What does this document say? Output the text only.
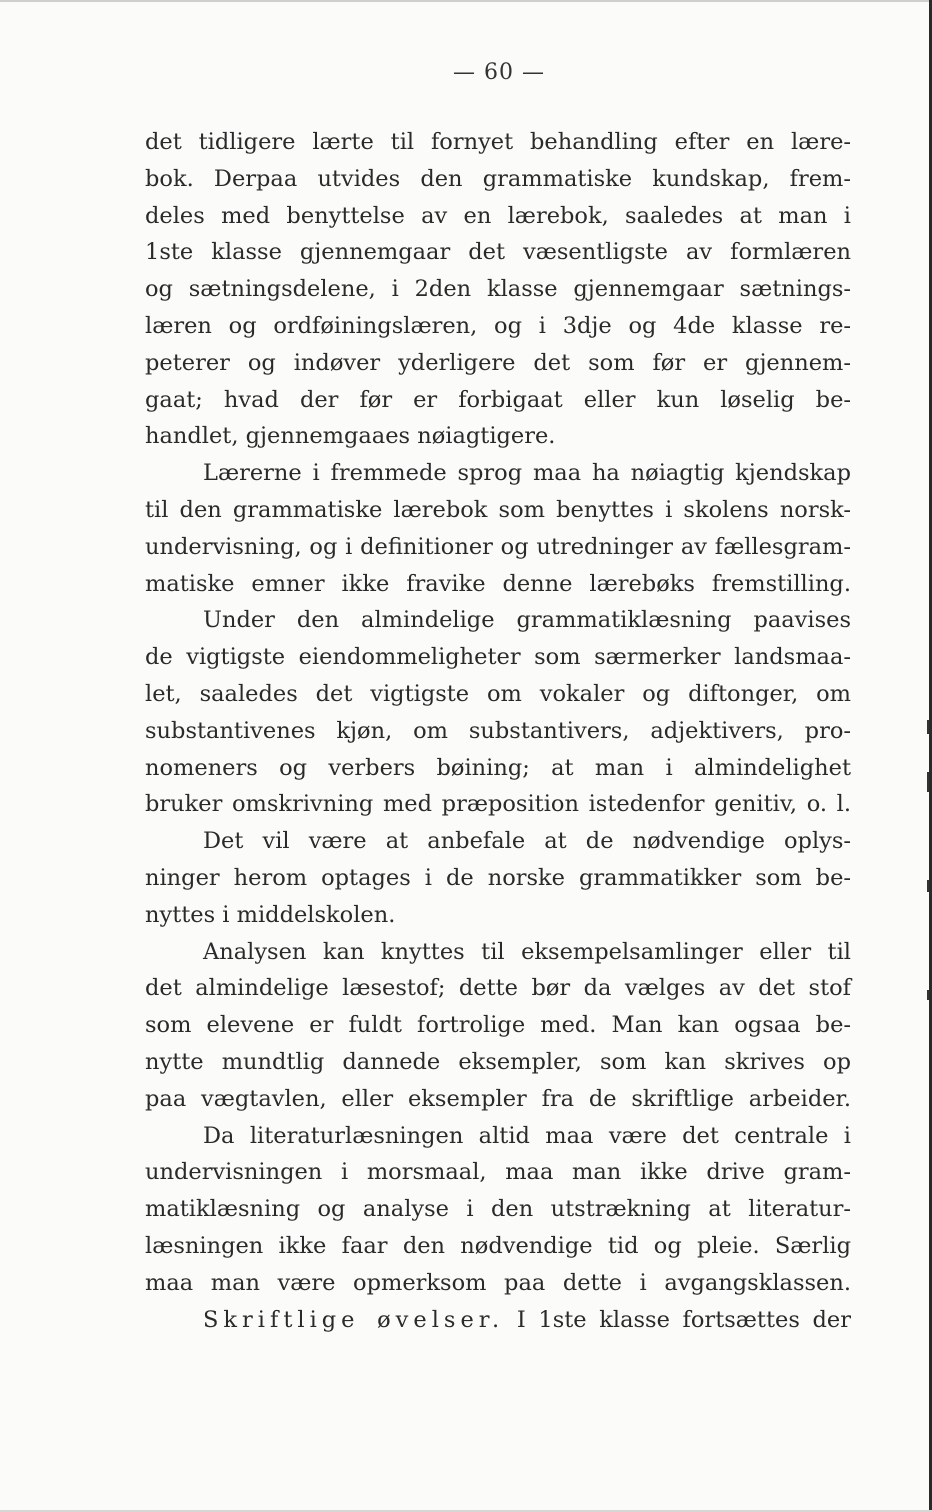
— 60 —
det tidligere lærte til fornyet behandling efter en lære-
bok. Derpaa utvides den grammatiske kundskap, frem-
deles med benyttelse av en lærebok, saaledes at man i
1ste klasse gjennemgaar det væsentligste av formlæren
og sætningsdelene, i 2den klasse gjennemgaar sætnings-
læren og ordføiningslæren, og i 3dje og 4de klasse re-
peterer og indøver yderligere det som før er gjennem-
gaat; hvad der før er forbigaat eller kun løselig be-
handlet, gjennemgaaes nøiagtigere.
Lærerne i fremmede sprog maa ha nøiagtig kjendskap
til den grammatiske lærebok som benyttes i skolens norsk-
undervisning, og i definitioner og utredninger av fællesgram-
matiske emner ikke fravike denne lærebøks fremstilling.
Under den almindelige grammatiklæsning paavises
de vigtigste eiendommeligheter som særmerker landsmaa-
let, saaledes det vigtigste om vokaler og diftonger, om
substantivenes kjøn, om substantivers, adjektivers, pro-
nomeners og verbers bøining; at man i almindelighet
bruker omskrivning med præposition istedenfor genitiv, o. l.
Det vil være at anbefale at de nødvendige oplys-
ninger herom optages i de norske grammatikker som be-
nyttes i middelskolen.
Analysen kan knyttes til eksempelsamlinger eller til
det almindelige læsestof; dette bør da vælges av det stof
som elevene er fuldt fortrolige med. Man kan ogsaa be-
nytte mundtlig dannede eksempler, som kan skrives op
paa vægtavlen, eller eksempler fra de skriftlige arbeider.
Da literaturlæsningen altid maa være det centrale i
undervisningen i morsmaal, maa man ikke drive gram-
matiklæsning og analyse i den utstrækning at literatur-
læsningen ikke faar den nødvendige tid og pleie. Særlig
maa man være opmerksom paa dette i avgangsklassen.
Skriftlige øvelser. I 1ste klasse fortsættes der
